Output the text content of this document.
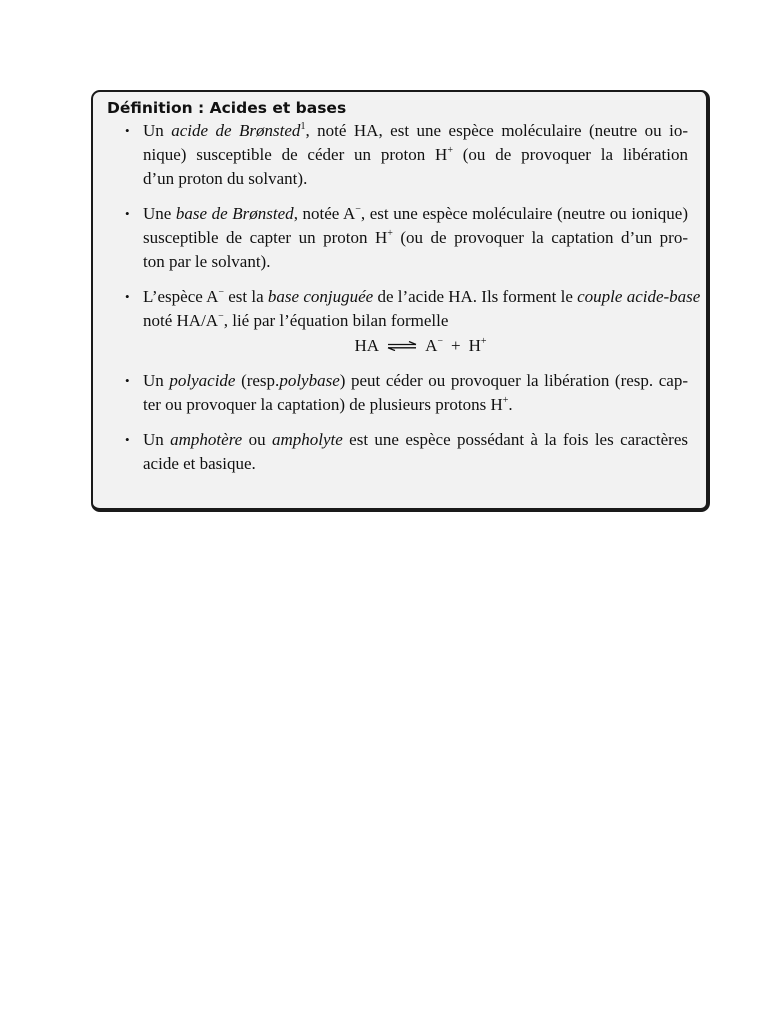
Définition : Acides et bases
• Un acide de Brønsted$^1$, noté HA, est une espèce moléculaire (neutre ou io-
nique) susceptible de céder un proton H+ (ou de provoquer la libération
d’un proton du solvant).
• Une base de Brønsted, notée A−, est une espèce moléculaire (neutre ou ionique)
susceptible de capter un proton H+ (ou de provoquer la captation d’un pro-
ton par le solvant).
• L’espèce A− est la base conjuguée de l’acide HA. Ils forment le couple acide-base
noté HA/A−, lié par l’équation bilan formelle
HA ⇌ A− + H+
• Un polyacide (resp.polybase) peut céder ou provoquer la libération (resp. cap-
ter ou provoquer la captation) de plusieurs protons H+.
• Un amphotère ou ampholyte est une espèce possédant à la fois les caractères
acide et basique.
